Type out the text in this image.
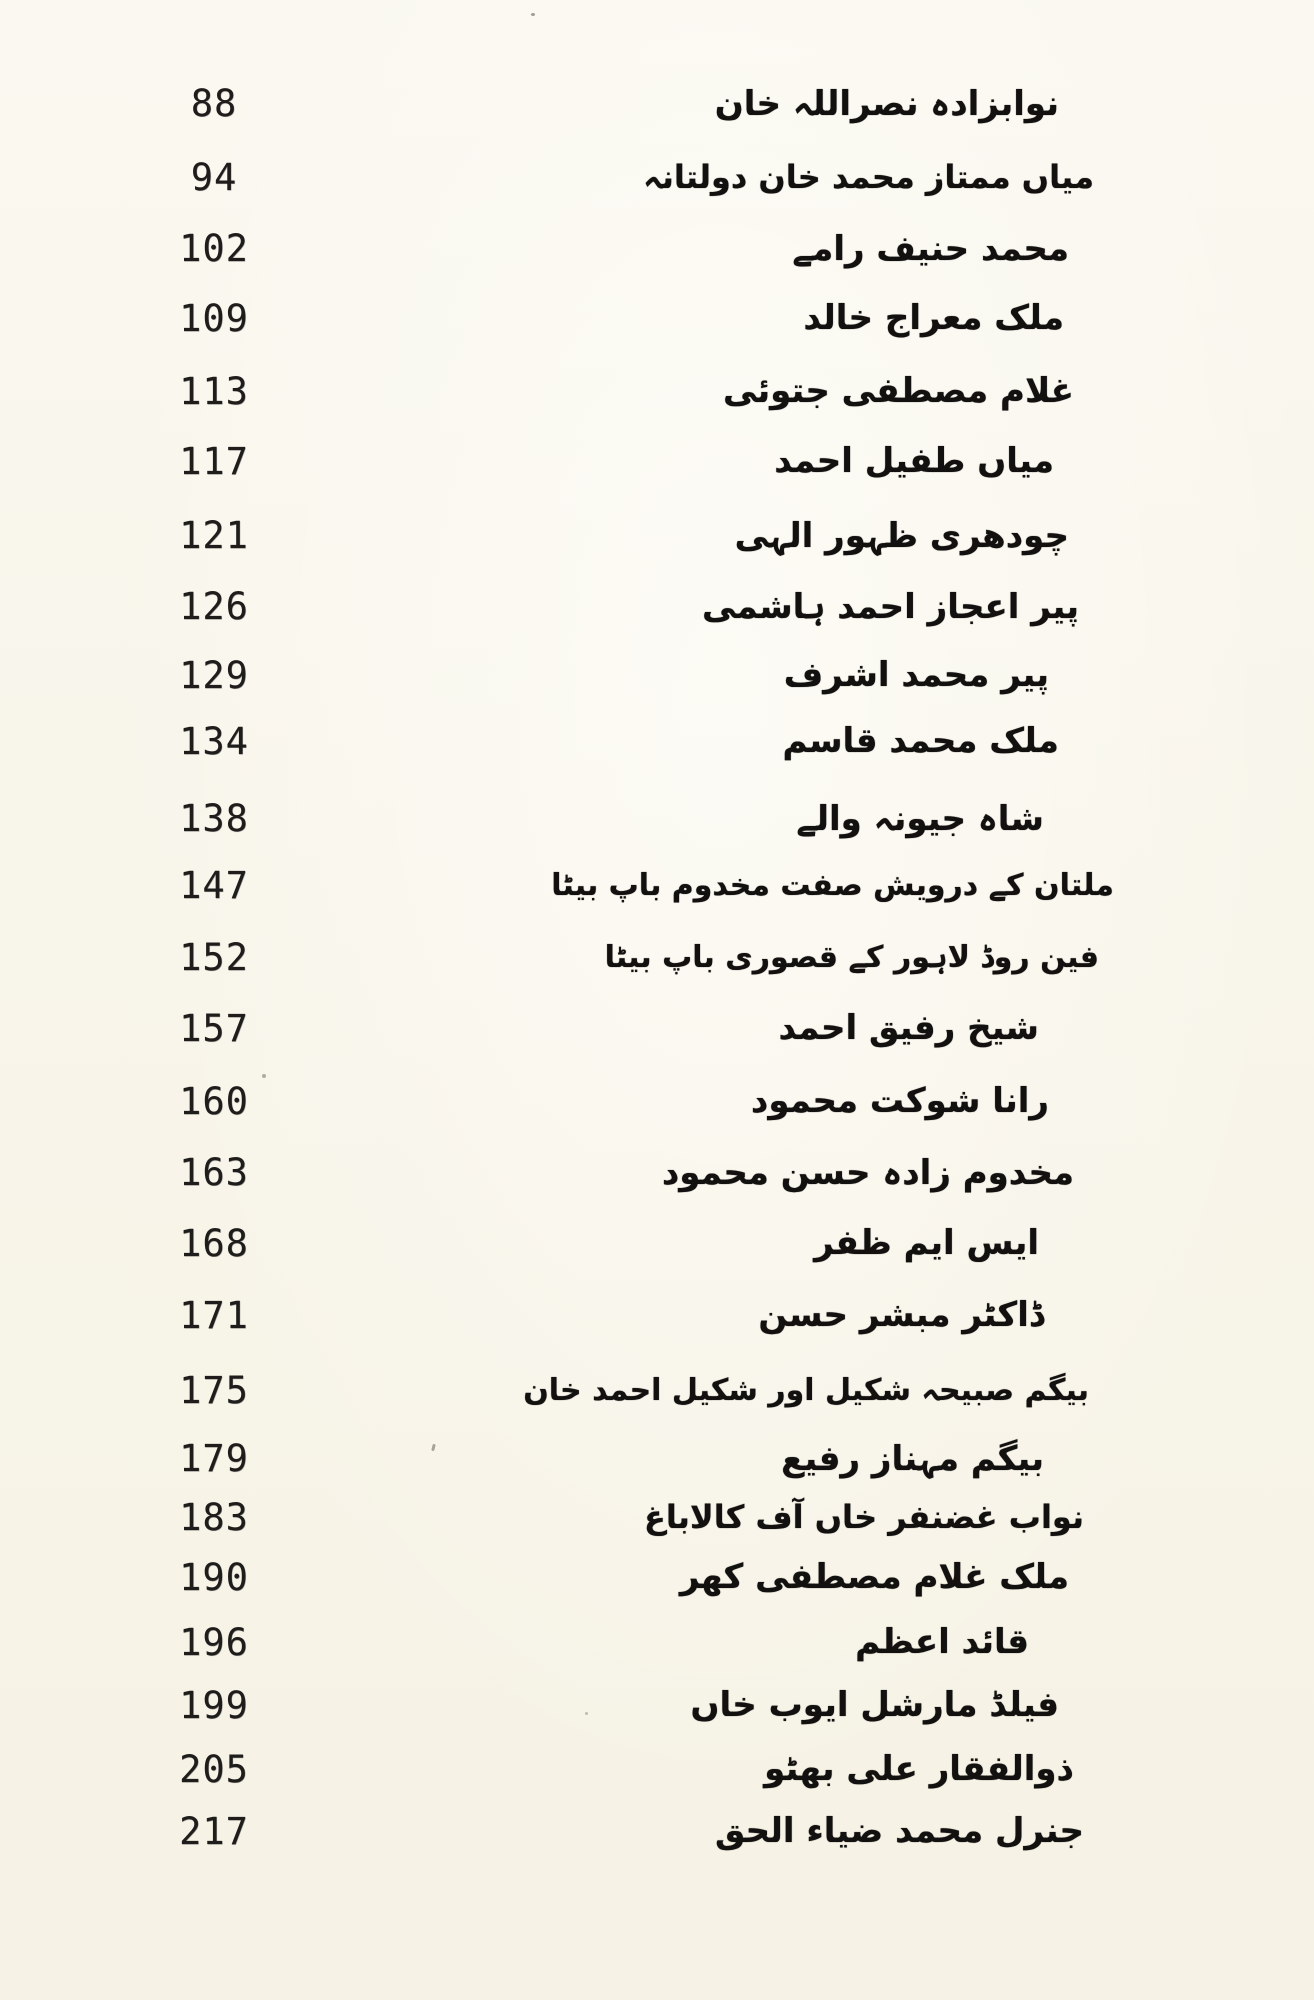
88	نوابزادہ نصراللہ خان
94	میاں ممتاز محمد خان دولتانہ
102	محمد حنیف رامے
109	ملک معراج خالد
113	غلام مصطفی جتوئی
117	میاں طفیل احمد
121	چودھری ظہور الہی
126	پیر اعجاز احمد ہاشمی
129	پیر محمد اشرف
134	ملک محمد قاسم
138	شاہ جیونہ والے
147	ملتان کے درویش صفت مخدوم باپ بیٹا
152	فین روڈ لاہور کے قصوری باپ بیٹا
157	شیخ رفیق احمد
160	رانا شوکت محمود
163	مخدوم زادہ حسن محمود
168	ایس ایم ظفر
171	ڈاکٹر مبشر حسن
175	بیگم صبیحہ شکیل اور شکیل احمد خان
179	بیگم مہناز رفیع
183	نواب غضنفر خاں آف کالاباغ
190	ملک غلام مصطفی کھر
196	قائد اعظم
199	فیلڈ مارشل ایوب خاں
205	ذوالفقار علی بھٹو
217	جنرل محمد ضیاء الحق
